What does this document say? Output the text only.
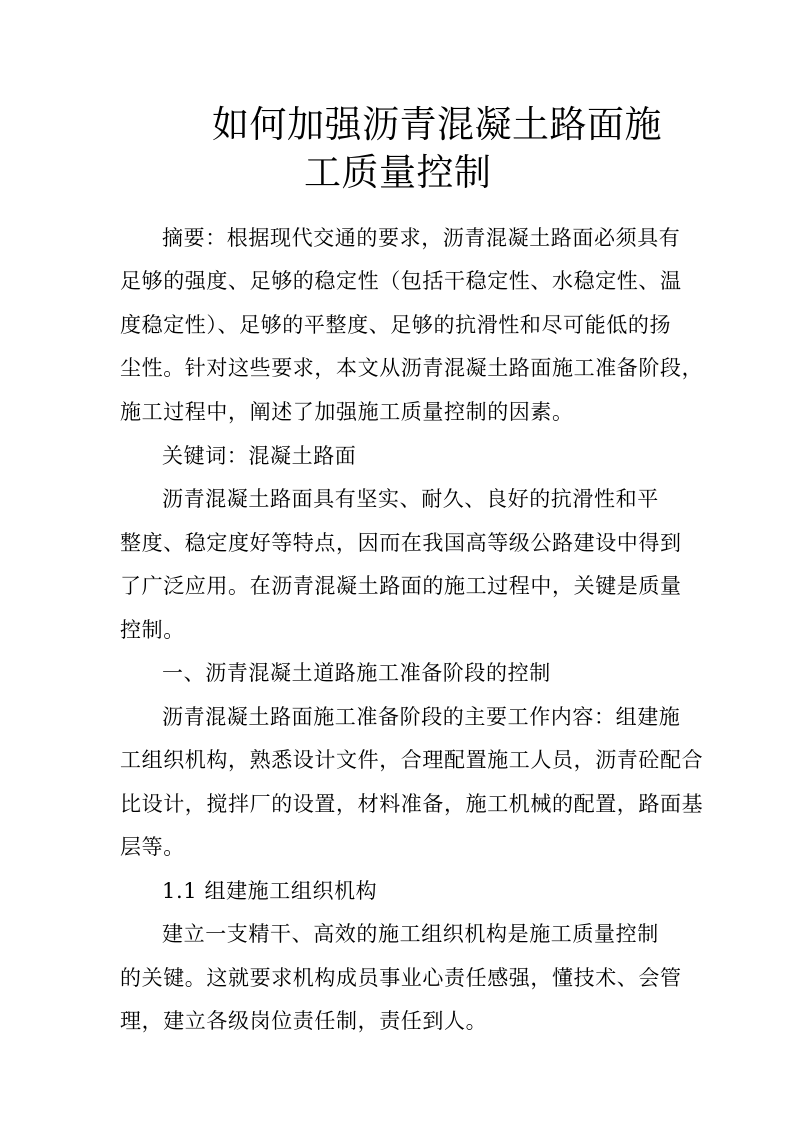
如何加强沥青混凝土路面施
工质量控制
摘要：根据现代交通的要求，沥青混凝土路面必须具有
足够的强度、足够的稳定性（包括干稳定性、水稳定性、温
度稳定性）、足够的平整度、足够的抗滑性和尽可能低的扬
尘性。针对这些要求，本文从沥青混凝土路面施工准备阶段，
施工过程中，阐述了加强施工质量控制的因素。
关键词：混凝土路面
沥青混凝土路面具有坚实、耐久、良好的抗滑性和平
整度、稳定度好等特点，因而在我国高等级公路建设中得到
了广泛应用。在沥青混凝土路面的施工过程中，关键是质量
控制。
一、沥青混凝土道路施工准备阶段的控制
沥青混凝土路面施工准备阶段的主要工作内容：组建施
工组织机构，熟悉设计文件，合理配置施工人员，沥青砼配合
比设计，搅拌厂的设置，材料准备，施工机械的配置，路面基
层等。
1.1 组建施工组织机构
建立一支精干、高效的施工组织机构是施工质量控制
的关键。这就要求机构成员事业心责任感强，懂技术、会管
理，建立各级岗位责任制，责任到人。
